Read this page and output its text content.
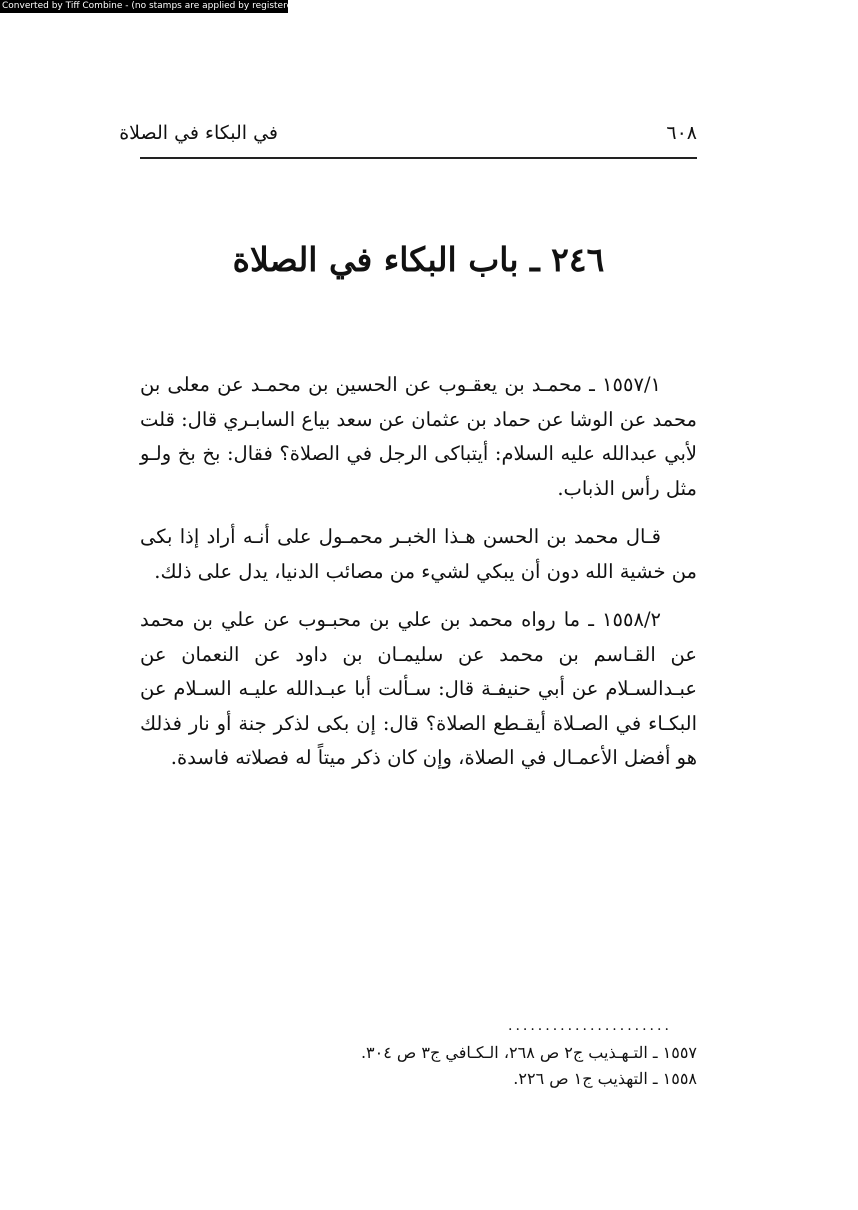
Converted by Tiff Combine - (no stamps are applied by registered version)
في البكاء في الصلاة	٦٠٨
٢٤٦ ـ باب البكاء في الصلاة

١٥٥٧/١ ـ محمـد بن يعقـوب عن الحسين بن محمـد عن معلى بن محمد عن الوشا عن حماد بن عثمان عن سعد بياع السابـري قال: قلت لأبي عبدالله عليه السلام: أيتباكى الرجل في الصلاة؟ فقال: بخ بخ ولـو مثل رأس الذباب.

قـال محمد بن الحسن هـذا الخبـر محمـول على أنـه أراد إذا بكى من خشية الله دون أن يبكي لشيء من مصائب الدنيا، يدل على ذلك.

١٥٥٨/٢ ـ ما رواه محمد بن علي بن محبـوب عن علي بن محمد عن القـاسم بن محمد عن سليمـان بن داود عن النعمان عن عبـدالسـلام عن أبي حنيفـة قال: سـألت أبا عبـدالله عليـه السـلام عن البكـاء في الصـلاة أيقـطع الصلاة؟ قال: إن بكى لذكر جنة أو نار فذلك هو أفضل الأعمـال في الصلاة، وإن كان ذكر ميتاً له فصلاته فاسدة.

......................
١٥٥٧ ـ التـهـذيب ج٢ ص ٢٦٨، الـكـافي ج٣ ص ٣٠٤.
١٥٥٨ ـ التهذيب ج١ ص ٢٢٦.
